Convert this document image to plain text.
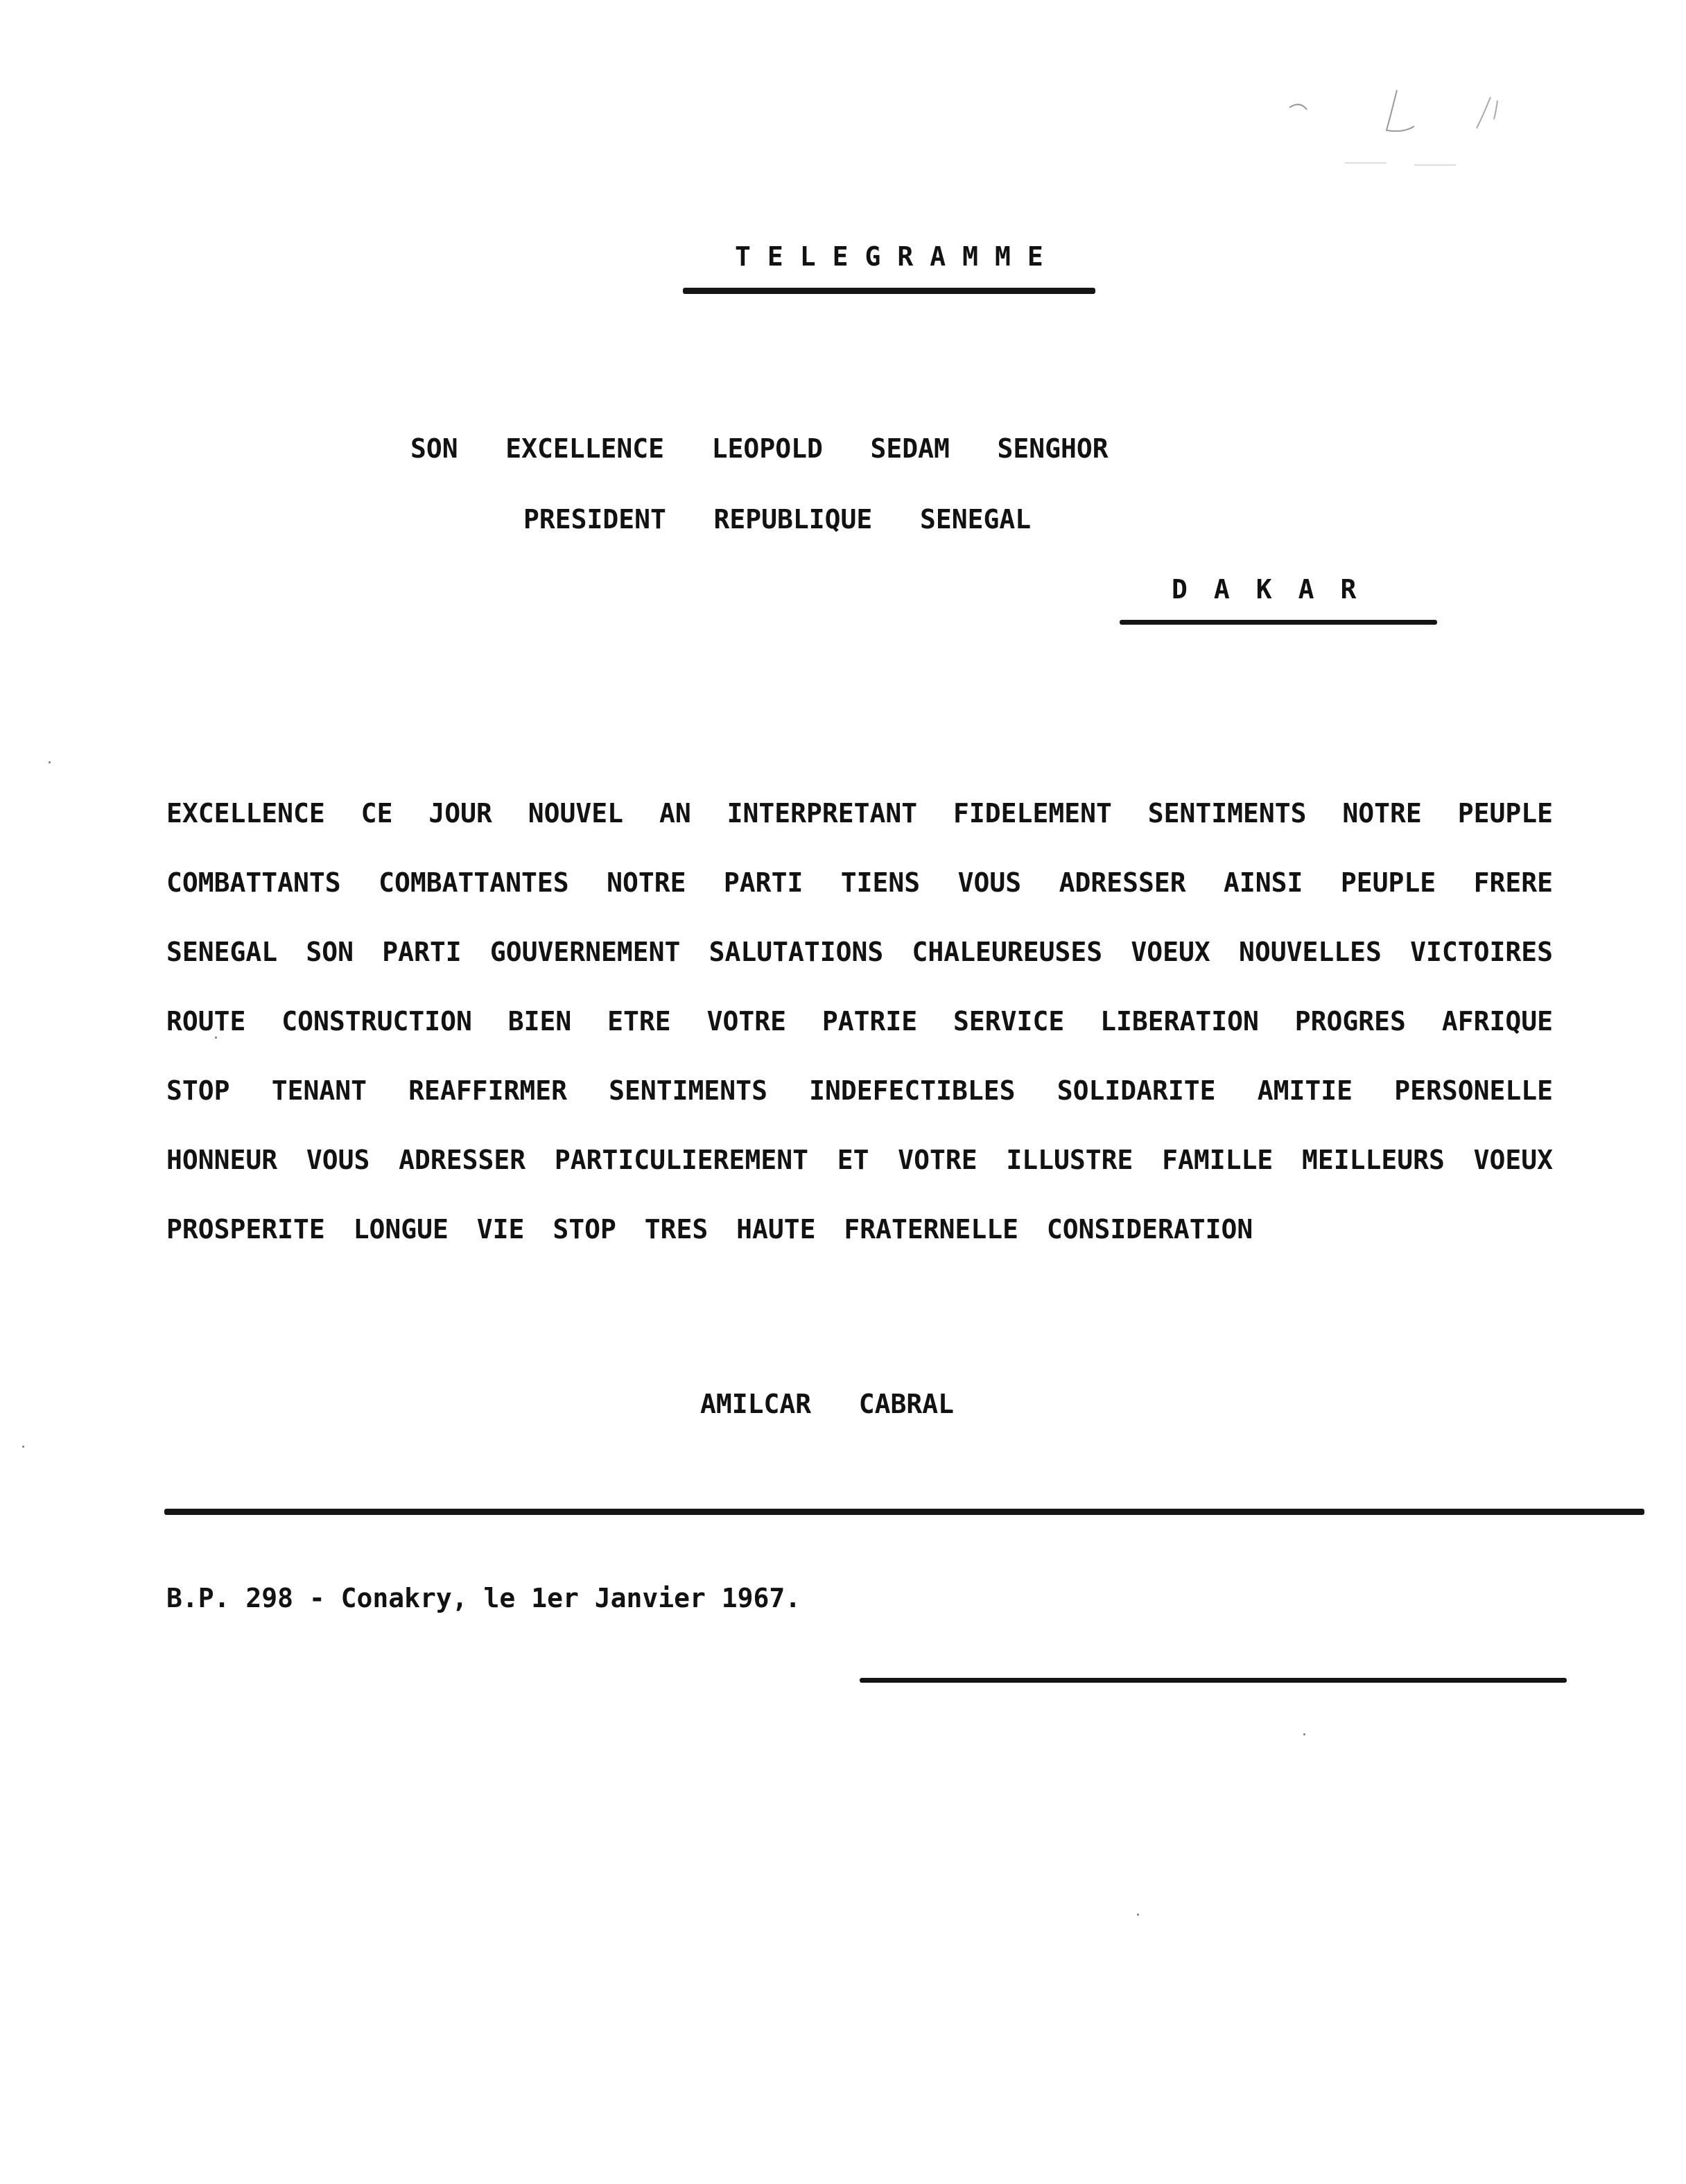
TELEGRAMME
SON   EXCELLENCE   LEOPOLD   SEDAM   SENGHOR
PRESIDENT   REPUBLIQUE   SENEGAL
DAKAR
EXCELLENCE CE JOUR NOUVEL AN INTERPRETANT FIDELEMENT SENTIMENTS NOTRE PEUPLE COMBATTANTS COMBATTANTES NOTRE PARTI TIENS VOUS ADRESSER AINSI PEUPLE FRERE SENEGAL SON PARTI GOUVERNEMENT SALUTATIONS CHALEUREUSES VOEUX NOUVELLES VICTOIRES ROUTE CONSTRUCTION BIEN ETRE VOTRE PATRIE SERVICE LIBERATION PROGRES AFRIQUE STOP TENANT REAFFIRMER SENTIMENTS INDEFECTIBLES SOLIDARITE AMITIE PERSONELLE HONNEUR VOUS ADRESSER PARTICULIEREMENT ET VOTRE ILLUSTRE FAMILLE MEILLEURS VOEUX PROSPERITE LONGUE VIE STOP TRES HAUTE FRATERNELLE CONSIDERATION
AMILCAR   CABRAL
B.P. 298 - Conakry, le 1er Janvier 1967.
